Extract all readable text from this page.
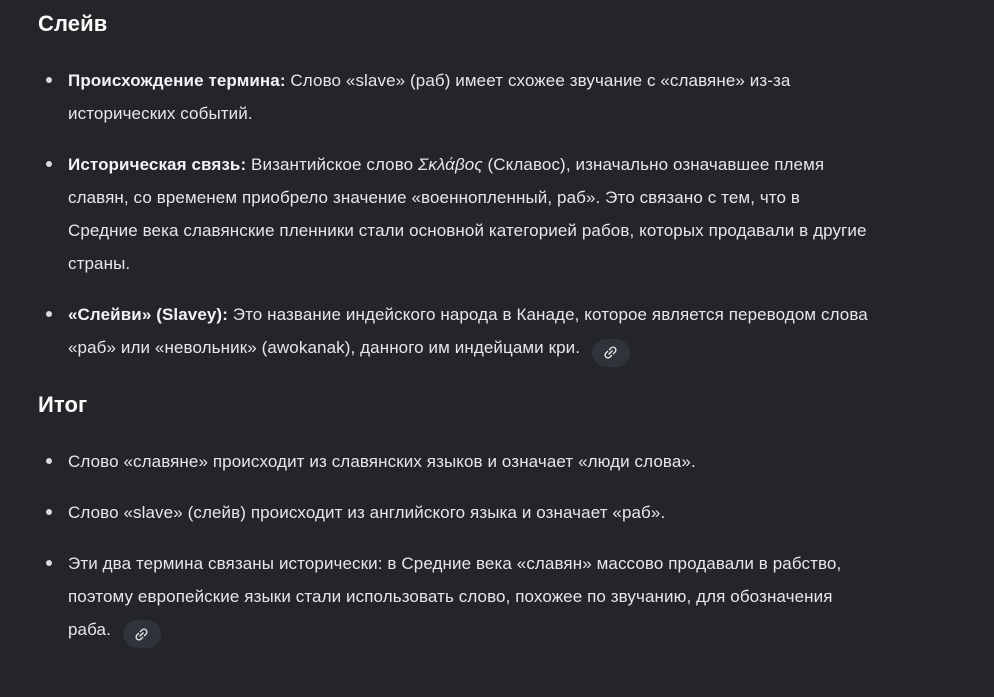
Слейв

Происхождение термина: Слово «slave» (раб) имеет схожее звучание с «славяне» из-за исторических событий.

Историческая связь: Византийское слово Σκλάβος (Склавос), изначально означавшее племя славян, со временем приобрело значение «военнопленный, раб». Это связано с тем, что в Средние века славянские пленники стали основной категорией рабов, которых продавали в другие страны.

«Слейви» (Slavey): Это название индейского народа в Канаде, которое является переводом слова «раб» или «невольник» (awokanak), данного им индейцами кри.

Итог

Слово «славяне» происходит из славянских языков и означает «люди слова».

Слово «slave» (слейв) происходит из английского языка и означает «раб».

Эти два термина связаны исторически: в Средние века «славян» массово продавали в рабство, поэтому европейские языки стали использовать слово, похожее по звучанию, для обозначения раба.
